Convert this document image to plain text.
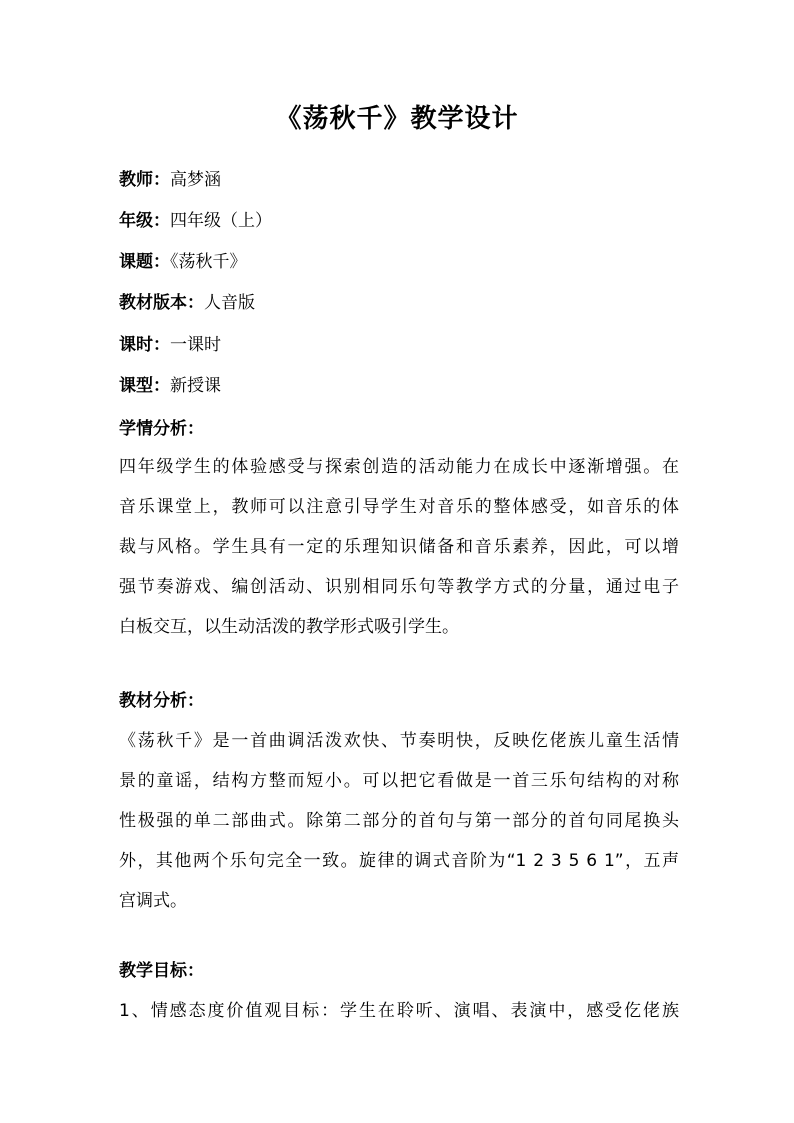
《荡秋千》教学设计
教师：高梦涵
年级：四年级（上）
课题：《荡秋千》
教材版本：人音版
课时：一课时
课型：新授课
学情分析：
四年级学生的体验感受与探索创造的活动能力在成长中逐渐增强。在
音乐课堂上，教师可以注意引导学生对音乐的整体感受，如音乐的体
裁与风格。学生具有一定的乐理知识储备和音乐素养，因此，可以增
强节奏游戏、编创活动、识别相同乐句等教学方式的分量，通过电子
白板交互，以生动活泼的教学形式吸引学生。
教材分析：
《荡秋千》是一首曲调活泼欢快、节奏明快，反映仡佬族儿童生活情
景的童谣，结构方整而短小。可以把它看做是一首三乐句结构的对称
性极强的单二部曲式。除第二部分的首句与第一部分的首句同尾换头
外，其他两个乐句完全一致。旋律的调式音阶为“1 2 3 5 6 1”，五声
宫调式。
教学目标：
1、情感态度价值观目标：学生在聆听、演唱、表演中，感受仡佬族
